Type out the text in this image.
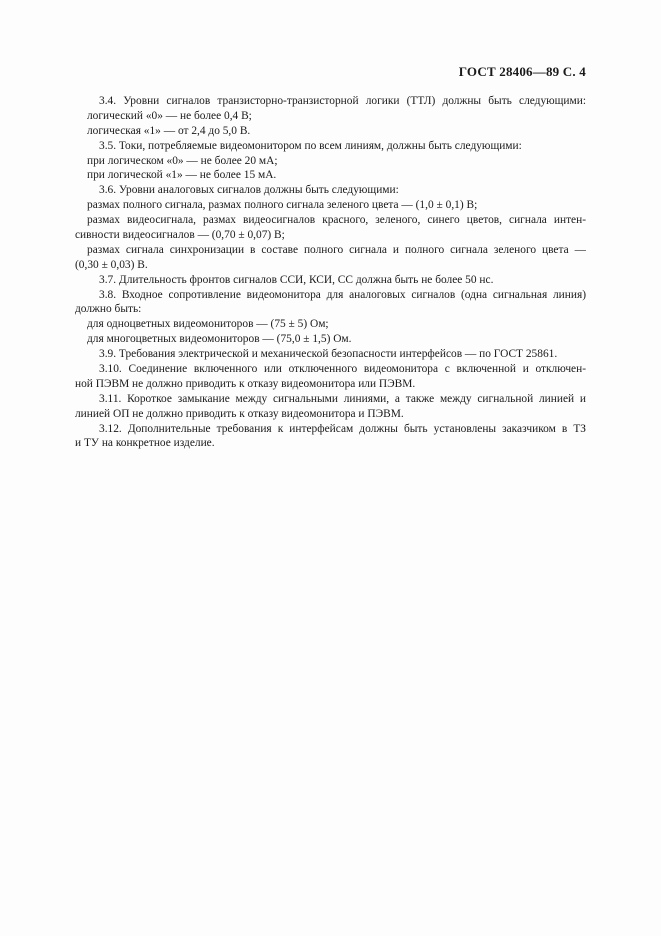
ГОСТ 28406—89 С. 4
3.4. Уровни сигналов транзисторно-транзисторной логики (ТТЛ) должны быть следующими:
логический «0» — не более 0,4 В;
логическая «1» — от 2,4 до 5,0 В.
3.5. Токи, потребляемые видеомонитором по всем линиям, должны быть следующими:
при логическом «0» — не более 20 мА;
при логической «1» — не более 15 мА.
3.6. Уровни аналоговых сигналов должны быть следующими:
размах полного сигнала, размах полного сигнала зеленого цвета — (1,0 ± 0,1) В;
размах видеосигнала, размах видеосигналов красного, зеленого, синего цветов, сигнала интен-
сивности видеосигналов — (0,70 ± 0,07) В;
размах сигнала синхронизации в составе полного сигнала и полного сигнала зеленого цвета —
(0,30 ± 0,03) В.
3.7. Длительность фронтов сигналов ССИ, КСИ, СС должна быть не более 50 нс.
3.8. Входное сопротивление видеомонитора для аналоговых сигналов (одна сигнальная линия)
должно быть:
для одноцветных видеомониторов — (75 ± 5) Ом;
для многоцветных видеомониторов — (75,0 ± 1,5) Ом.
3.9. Требования электрической и механической безопасности интерфейсов — по ГОСТ 25861.
3.10. Соединение включенного или отключенного видеомонитора с включенной и отключен-
ной ПЭВМ не должно приводить к отказу видеомонитора или ПЭВМ.
3.11. Короткое замыкание между сигнальными линиями, а также между сигнальной линией и
линией ОП не должно приводить к отказу видеомонитора и ПЭВМ.
3.12. Дополнительные требования к интерфейсам должны быть установлены заказчиком в ТЗ
и ТУ на конкретное изделие.
